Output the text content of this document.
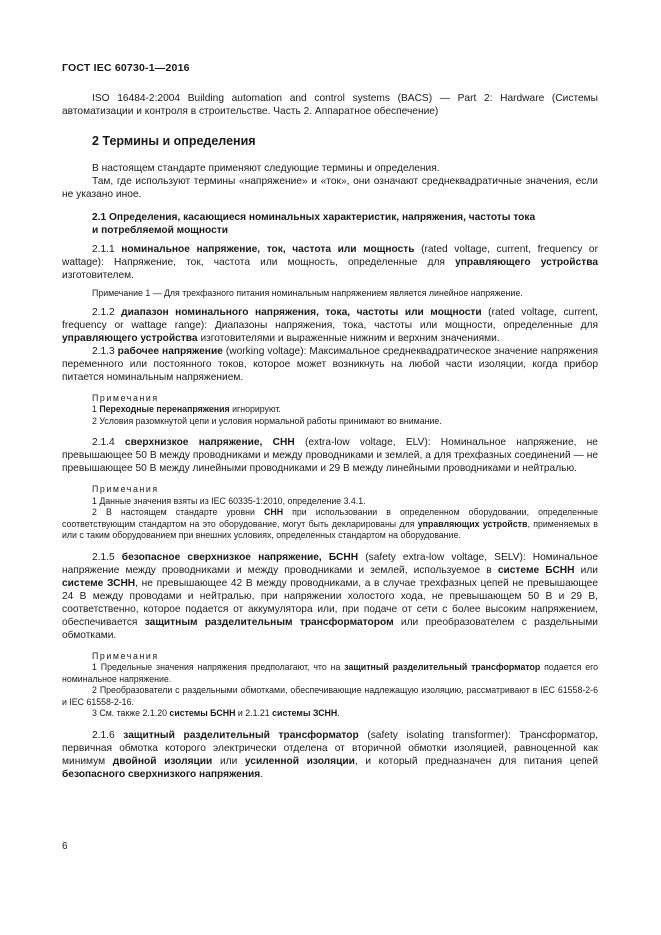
ГОСТ IEC 60730-1—2016

ISO 16484-2:2004 Building automation and control systems (BACS) — Part 2: Hardware (Системы автоматизации и контроля в строительстве. Часть 2. Аппаратное обеспечение)

2 Термины и определения

В настоящем стандарте применяют следующие термины и определения.

Там, где используют термины «напряжение» и «ток», они означают среднеквадратичные значения, если не указано иное.

2.1 Определения, касающиеся номинальных характеристик, напряжения, частоты тока
и потребляемой мощности

2.1.1 номинальное напряжение, ток, частота или мощность (rated voltage, current, frequency or wattage): Напряжение, ток, частота или мощность, определенные для управляющего устройства изготовителем.

Примечание 1 — Для трехфазного питания номинальным напряжением является линейное напряжение.

2.1.2 диапазон номинального напряжения, тока, частоты или мощности (rated voltage, current, frequency or wattage range): Диапазоны напряжения, тока, частоты или мощности, определенные для управляющего устройства изготовителями и выраженные нижним и верхним значениями.

2.1.3 рабочее напряжение (working voltage): Максимальное среднеквадратическое значение напряжения переменного или постоянного токов, которое может возникнуть на любой части изоляции, когда прибор питается номинальным напряжением.

Примечания

1 Переходные перенапряжения игнорируют.

2 Условия разомкнутой цепи и условия нормальной работы принимают во внимание.

2.1.4 сверхнизкое напряжение, СНН (extra-low voltage, ELV): Номинальное напряжение, не превышающее 50 В между проводниками и между проводниками и землей, а для трехфазных соединений — не превышающее 50 В между линейными проводниками и 29 В между линейными проводниками и нейтралью.

Примечания

1 Данные значения взяты из IEC 60335-1:2010, определение 3.4.1.

2 В настоящем стандарте уровни СНН при использовании в определенном оборудовании, определенные соответствующим стандартом на это оборудование, могут быть декларированы для управляющих устройств, применяемых в или с таким оборудованием при внешних условиях, определенных стандартом на оборудование.

2.1.5 безопасное сверхнизкое напряжение, БСНН (safety extra-low voltage, SELV): Номинальное напряжение между проводниками и между проводниками и землей, используемое в системе БСНН или системе ЗСНН, не превышающее 42 В между проводниками, а в случае трехфазных цепей не превышающее 24 В между проводами и нейтралью, при напряжении холостого хода, не превышающем 50 В и 29 В, соответственно, которое подается от аккумулятора или, при подаче от сети с более высоким напряжением, обеспечивается защитным разделительным трансформатором или преобразователем с раздельными обмотками.

Примечания

1 Предельные значения напряжения предполагают, что на защитный разделительный трансформатор подается его номинальное напряжение.

2 Преобразователи с раздельными обмотками, обеспечивающие надлежащую изоляцию, рассматривают в IEC 61558-2-6 и IEC 61558-2-16.

3 См. также 2.1.20 системы БСНН и 2.1.21 системы ЗСНН.

2.1.6 защитный разделительный трансформатор (safety isolating transformer): Трансформатор, первичная обмотка которого электрически отделена от вторичной обмотки изоляцией, равноценной как минимум двойной изоляции или усиленной изоляции, и который предназначен для питания цепей безопасного сверхнизкого напряжения.

6
